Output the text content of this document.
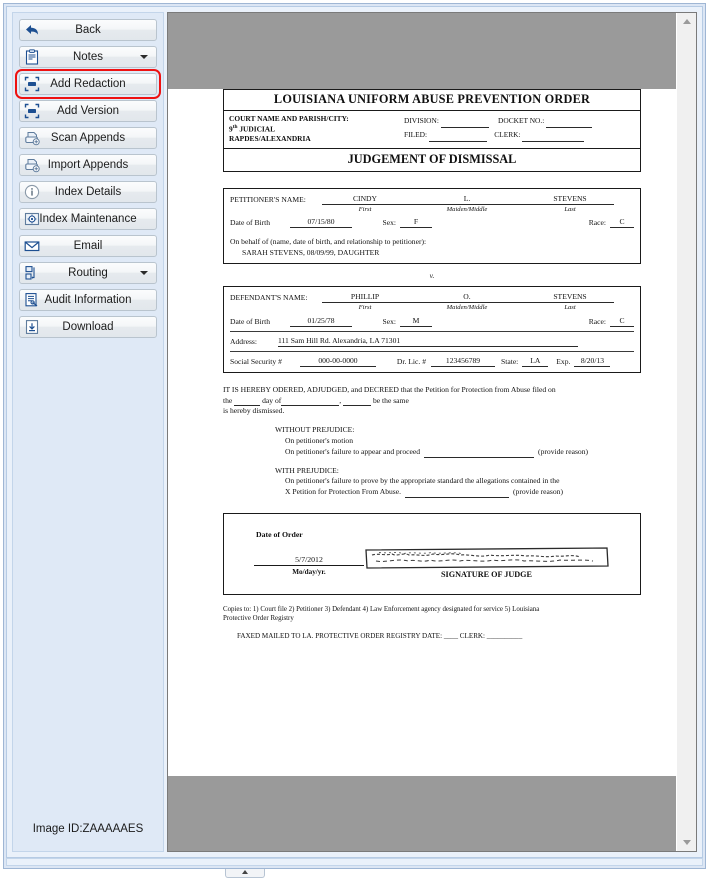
Back
Notes
Add Redaction
Add Version
Scan Appends
Import Appends
Index Details
Index Maintenance
Email
Routing
Audit Information
Download
Image ID:ZAAAAAES
LOUISIANA UNIFORM ABUSE PREVENTION ORDER
COURT NAME AND PARISH/CITY:
9th JUDICIAL
RAPDES/ALEXANDRIA
DIVISION:	DOCKET NO.:
FILED:	CLERK:
JUDGEMENT OF DISMISSAL
PETITIONER'S NAME:	CINDY	L.	STEVENS
First	Maiden/Middle	Last
Date of Birth	07/15/80	Sex:	F	Race:	C
On behalf of (name, date of birth, and relationship to petitioner):
SARAH STEVENS, 08/09/99, DAUGHTER
v.
DEFENDANT'S NAME:	PHILLIP	O.	STEVENS
First	Maiden/Middle	Last
Date of Birth	01/25/78	Sex:	M	Race:	C
Address:	111 Sam Hill Rd. Alexandria, LA 71301
Social Security #	000-00-0000	Dr. Lic. #	123456789	State:	LA	Exp.	8/20/13
IT IS HEREBY ODERED, ADJUDGED, and DECREED that the Petition for Protection from Abuse filed on
the	day of	,	be the same
is hereby dismissed.
WITHOUT PREJUDICE:
On petitioner's motion
On petitioner's failure to appear and proceed	(provide reason)
WITH PREJUDICE:
On petitioner's failure to prove by the appropriate standard the allegations contained in the
X Petition for Protection From Abuse.	(provide reason)
Date of Order
5/7/2012
Mo/day/yr.	SIGNATURE OF JUDGE
Copies to: 1) Court file 2) Petitioner 3) Defendant 4) Law Enforcement agency designated for service 5) Louisiana
Protective Order Registry
FAXED MAILED TO LA. PROTECTIVE ORDER REGISTRY DATE: ____ CLERK: __________
